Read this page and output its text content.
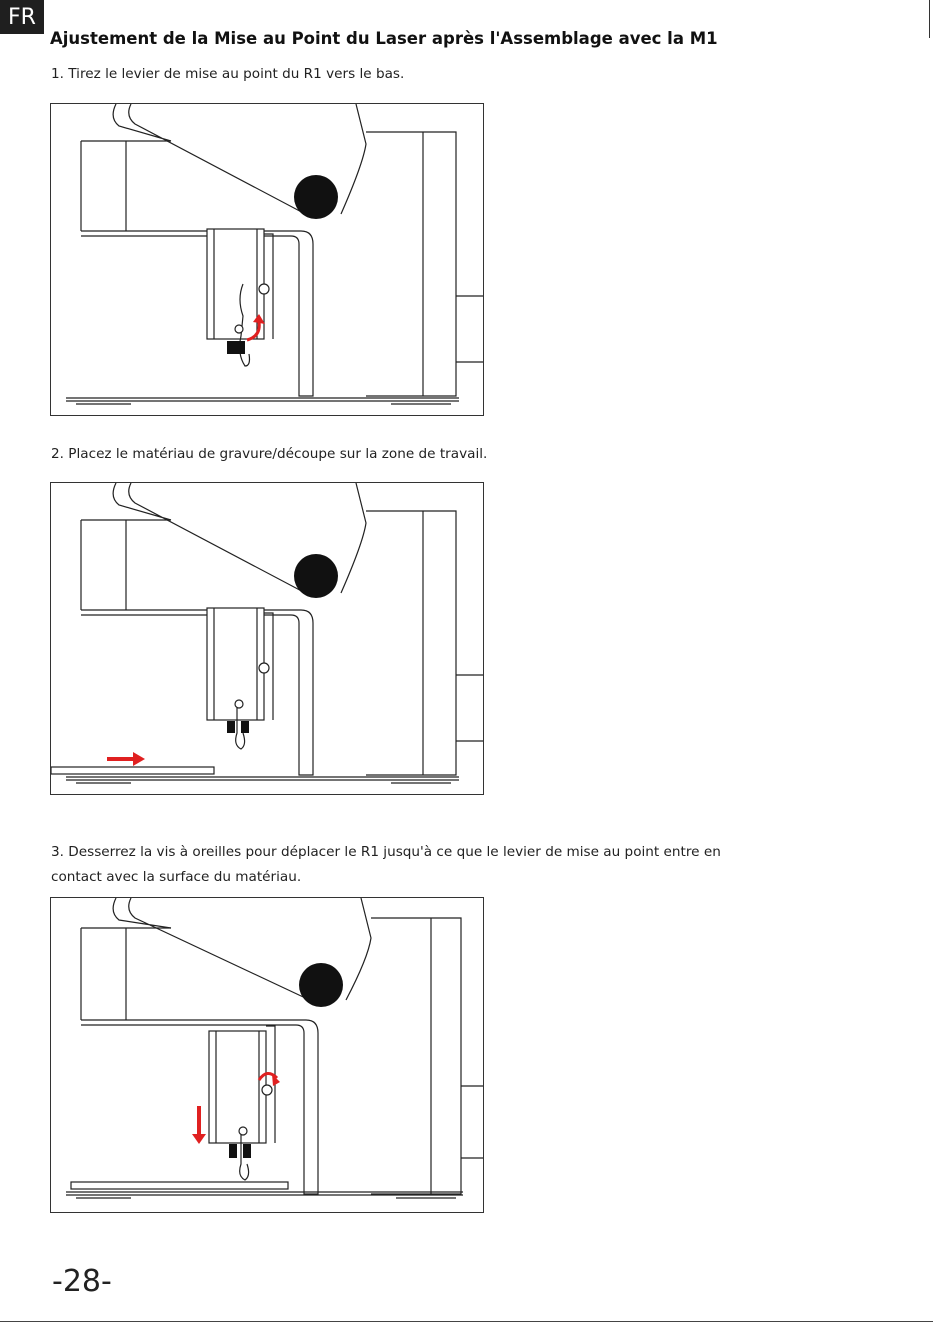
FR
Ajustement de la Mise au Point du Laser après l'Assemblage avec la M1

1. Tirez le levier de mise au point du R1 vers le bas.

2. Placez le matériau de gravure/découpe sur la zone de travail.

3. Desserrez la vis à oreilles pour déplacer le R1 jusqu'à ce que le levier de mise au point entre en contact avec la surface du matériau.

-28-
